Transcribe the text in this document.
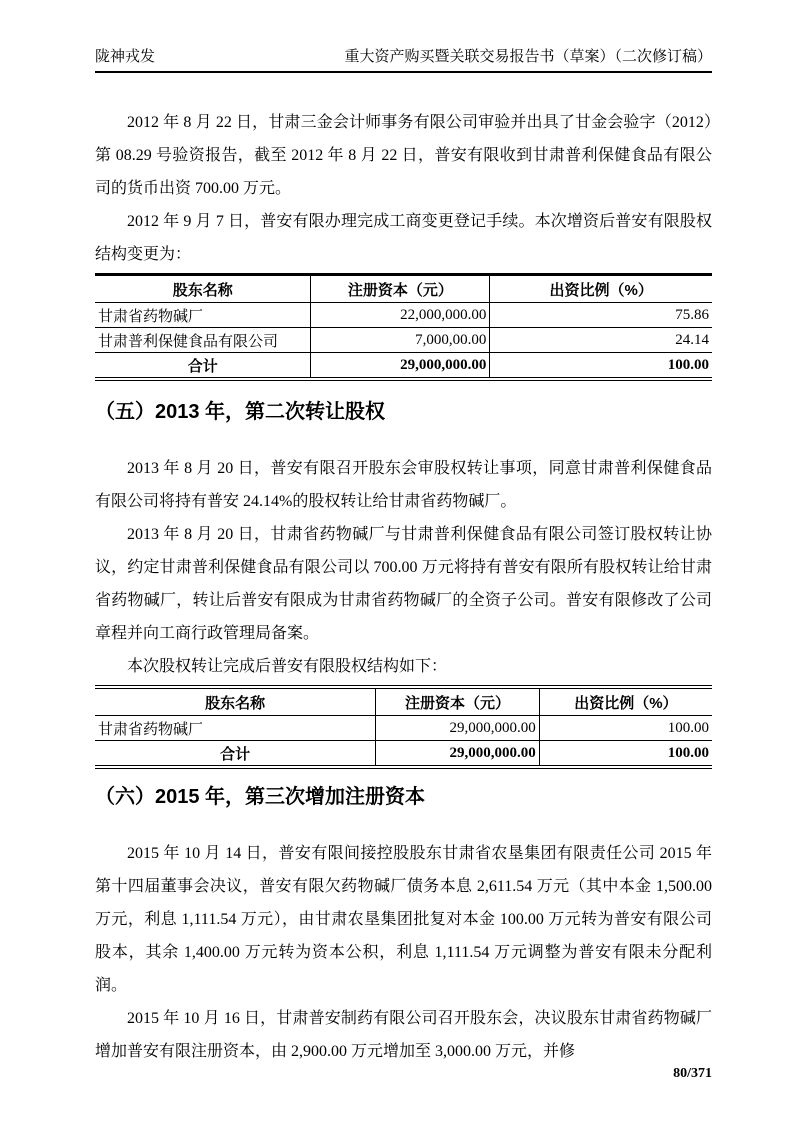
陇神戎发	重大资产购买暨关联交易报告书（草案）（二次修订稿）

2012 年 8 月 22 日，甘肃三金会计师事务有限公司审验并出具了甘金会验字（2012）第 08.29 号验资报告，截至 2012 年 8 月 22 日，普安有限收到甘肃普利保健食品有限公司的货币出资 700.00 万元。

2012 年 9 月 7 日，普安有限办理完成工商变更登记手续。本次增资后普安有限股权结构变更为：

股东名称	注册资本（元）	出资比例（%）
甘肃省药物碱厂	22,000,000.00	75.86
甘肃普利保健食品有限公司	7,000,00.00	24.14
合计	29,000,000.00	100.00
（五）2013 年，第二次转让股权

2013 年 8 月 20 日，普安有限召开股东会审股权转让事项，同意甘肃普利保健食品有限公司将持有普安 24.14%的股权转让给甘肃省药物碱厂。

2013 年 8 月 20 日，甘肃省药物碱厂与甘肃普利保健食品有限公司签订股权转让协议，约定甘肃普利保健食品有限公司以 700.00 万元将持有普安有限所有股权转让给甘肃省药物碱厂，转让后普安有限成为甘肃省药物碱厂的全资子公司。普安有限修改了公司章程并向工商行政管理局备案。

本次股权转让完成后普安有限股权结构如下：

股东名称	注册资本（元）	出资比例（%）
甘肃省药物碱厂	29,000,000.00	100.00
合计	29,000,000.00	100.00
（六）2015 年，第三次增加注册资本

2015 年 10 月 14 日，普安有限间接控股股东甘肃省农垦集团有限责任公司 2015 年第十四届董事会决议，普安有限欠药物碱厂债务本息 2,611.54 万元（其中本金 1,500.00 万元，利息 1,111.54 万元），由甘肃农垦集团批复对本金 100.00 万元转为普安有限公司股本，其余 1,400.00 万元转为资本公积，利息 1,111.54 万元调整为普安有限未分配利润。

2015 年 10 月 16 日，甘肃普安制药有限公司召开股东会，决议股东甘肃省药物碱厂增加普安有限注册资本，由 2,900.00 万元增加至 3,000.00 万元，并修

80/371
